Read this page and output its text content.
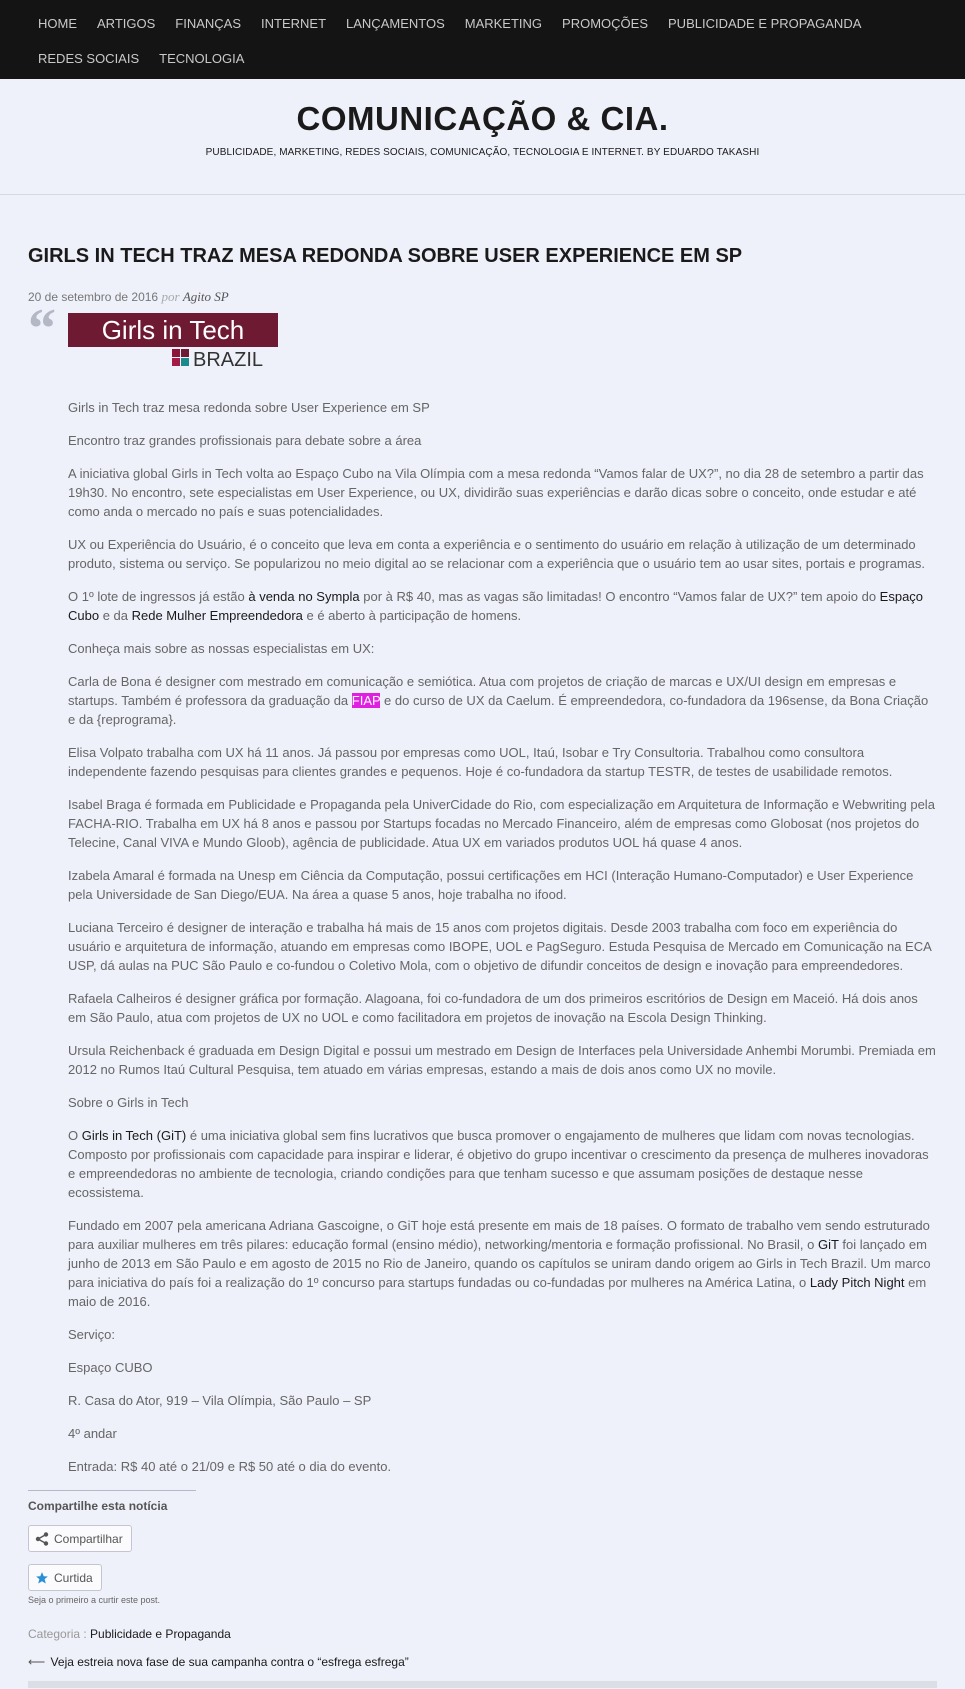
HOME	ARTIGOS	FINANÇAS	INTERNET	LANÇAMENTOS	MARKETING	PROMOÇÕES	PUBLICIDADE E PROPAGANDA
REDES SOCIAIS	TECNOLOGIA
COMUNICAÇÃO & CIA.
PUBLICIDADE, MARKETING, REDES SOCIAIS, COMUNICAÇÃO, TECNOLOGIA E INTERNET. BY EDUARDO TAKASHI
GIRLS IN TECH TRAZ MESA REDONDA SOBRE USER EXPERIENCE EM SP
20 de setembro de 2016 por Agito SP
“ Girls in Tech
BRAZIL

Girls in Tech traz mesa redonda sobre User Experience em SP

Encontro traz grandes profissionais para debate sobre a área

A iniciativa global Girls in Tech volta ao Espaço Cubo na Vila Olímpia com a mesa redonda “Vamos falar de UX?”, no dia 28 de setembro a partir das 19h30. No encontro, sete especialistas em User Experience, ou UX, dividirão suas experiências e darão dicas sobre o conceito, onde estudar e até como anda o mercado no país e suas potencialidades.

UX ou Experiência do Usuário, é o conceito que leva em conta a experiência e o sentimento do usuário em relação à utilização de um determinado produto, sistema ou serviço. Se popularizou no meio digital ao se relacionar com a experiência que o usuário tem ao usar sites, portais e programas.

O 1º lote de ingressos já estão à venda no Sympla por à R$ 40, mas as vagas são limitadas! O encontro “Vamos falar de UX?” tem apoio do Espaço Cubo e da Rede Mulher Empreendedora e é aberto à participação de homens.

Conheça mais sobre as nossas especialistas em UX:

Carla de Bona é designer com mestrado em comunicação e semiótica. Atua com projetos de criação de marcas e UX/UI design em empresas e startups. Também é professora da graduação da FIAP e do curso de UX da Caelum. É empreendedora, co-fundadora da 196sense, da Bona Criação e da {reprograma}.

Elisa Volpato trabalha com UX há 11 anos. Já passou por empresas como UOL, Itaú, Isobar e Try Consultoria. Trabalhou como consultora independente fazendo pesquisas para clientes grandes e pequenos. Hoje é co-fundadora da startup TESTR, de testes de usabilidade remotos.

Isabel Braga é formada em Publicidade e Propaganda pela UniverCidade do Rio, com especialização em Arquitetura de Informação e Webwriting pela FACHA-RIO. Trabalha em UX há 8 anos e passou por Startups focadas no Mercado Financeiro, além de empresas como Globosat (nos projetos do Telecine, Canal VIVA e Mundo Gloob), agência de publicidade. Atua UX em variados produtos UOL há quase 4 anos.

Izabela Amaral é formada na Unesp em Ciência da Computação, possui certificações em HCI (Interação Humano-Computador) e User Experience pela Universidade de San Diego/EUA. Na área a quase 5 anos, hoje trabalha no ifood.

Luciana Terceiro é designer de interação e trabalha há mais de 15 anos com projetos digitais. Desde 2003 trabalha com foco em experiência do usuário e arquitetura de informação, atuando em empresas como IBOPE, UOL e PagSeguro. Estuda Pesquisa de Mercado em Comunicação na ECA USP, dá aulas na PUC São Paulo e co-fundou o Coletivo Mola, com o objetivo de difundir conceitos de design e inovação para empreendedores.

Rafaela Calheiros é designer gráfica por formação. Alagoana, foi co-fundadora de um dos primeiros escritórios de Design em Maceió. Há dois anos em São Paulo, atua com projetos de UX no UOL e como facilitadora em projetos de inovação na Escola Design Thinking.

Ursula Reichenback é graduada em Design Digital e possui um mestrado em Design de Interfaces pela Universidade Anhembi Morumbi. Premiada em 2012 no Rumos Itaú Cultural Pesquisa, tem atuado em várias empresas, estando a mais de dois anos como UX no movile.

Sobre o Girls in Tech

O Girls in Tech (GiT) é uma iniciativa global sem fins lucrativos que busca promover o engajamento de mulheres que lidam com novas tecnologias. Composto por profissionais com capacidade para inspirar e liderar, é objetivo do grupo incentivar o crescimento da presença de mulheres inovadoras e empreendedoras no ambiente de tecnologia, criando condições para que tenham sucesso e que assumam posições de destaque nesse ecossistema.

Fundado em 2007 pela americana Adriana Gascoigne, o GiT hoje está presente em mais de 18 países. O formato de trabalho vem sendo estruturado para auxiliar mulheres em três pilares: educação formal (ensino médio), networking/mentoria e formação profissional. No Brasil, o GiT foi lançado em junho de 2013 em São Paulo e em agosto de 2015 no Rio de Janeiro, quando os capítulos se uniram dando origem ao Girls in Tech Brazil. Um marco para iniciativa do país foi a realização do 1º concurso para startups fundadas ou co-fundadas por mulheres na América Latina, o Lady Pitch Night em maio de 2016.

Serviço:

Espaço CUBO

R. Casa do Ator, 919 – Vila Olímpia, São Paulo – SP

4º andar

Entrada: R$ 40 até o 21/09 e R$ 50 até o dia do evento.

Compartilhe esta notícia
Compartilhar

Curtida
Seja o primeiro a curtir este post.
Categoria : Publicidade e Propaganda
⟵ Veja estreia nova fase de sua campanha contra o “esfrega esfrega”
